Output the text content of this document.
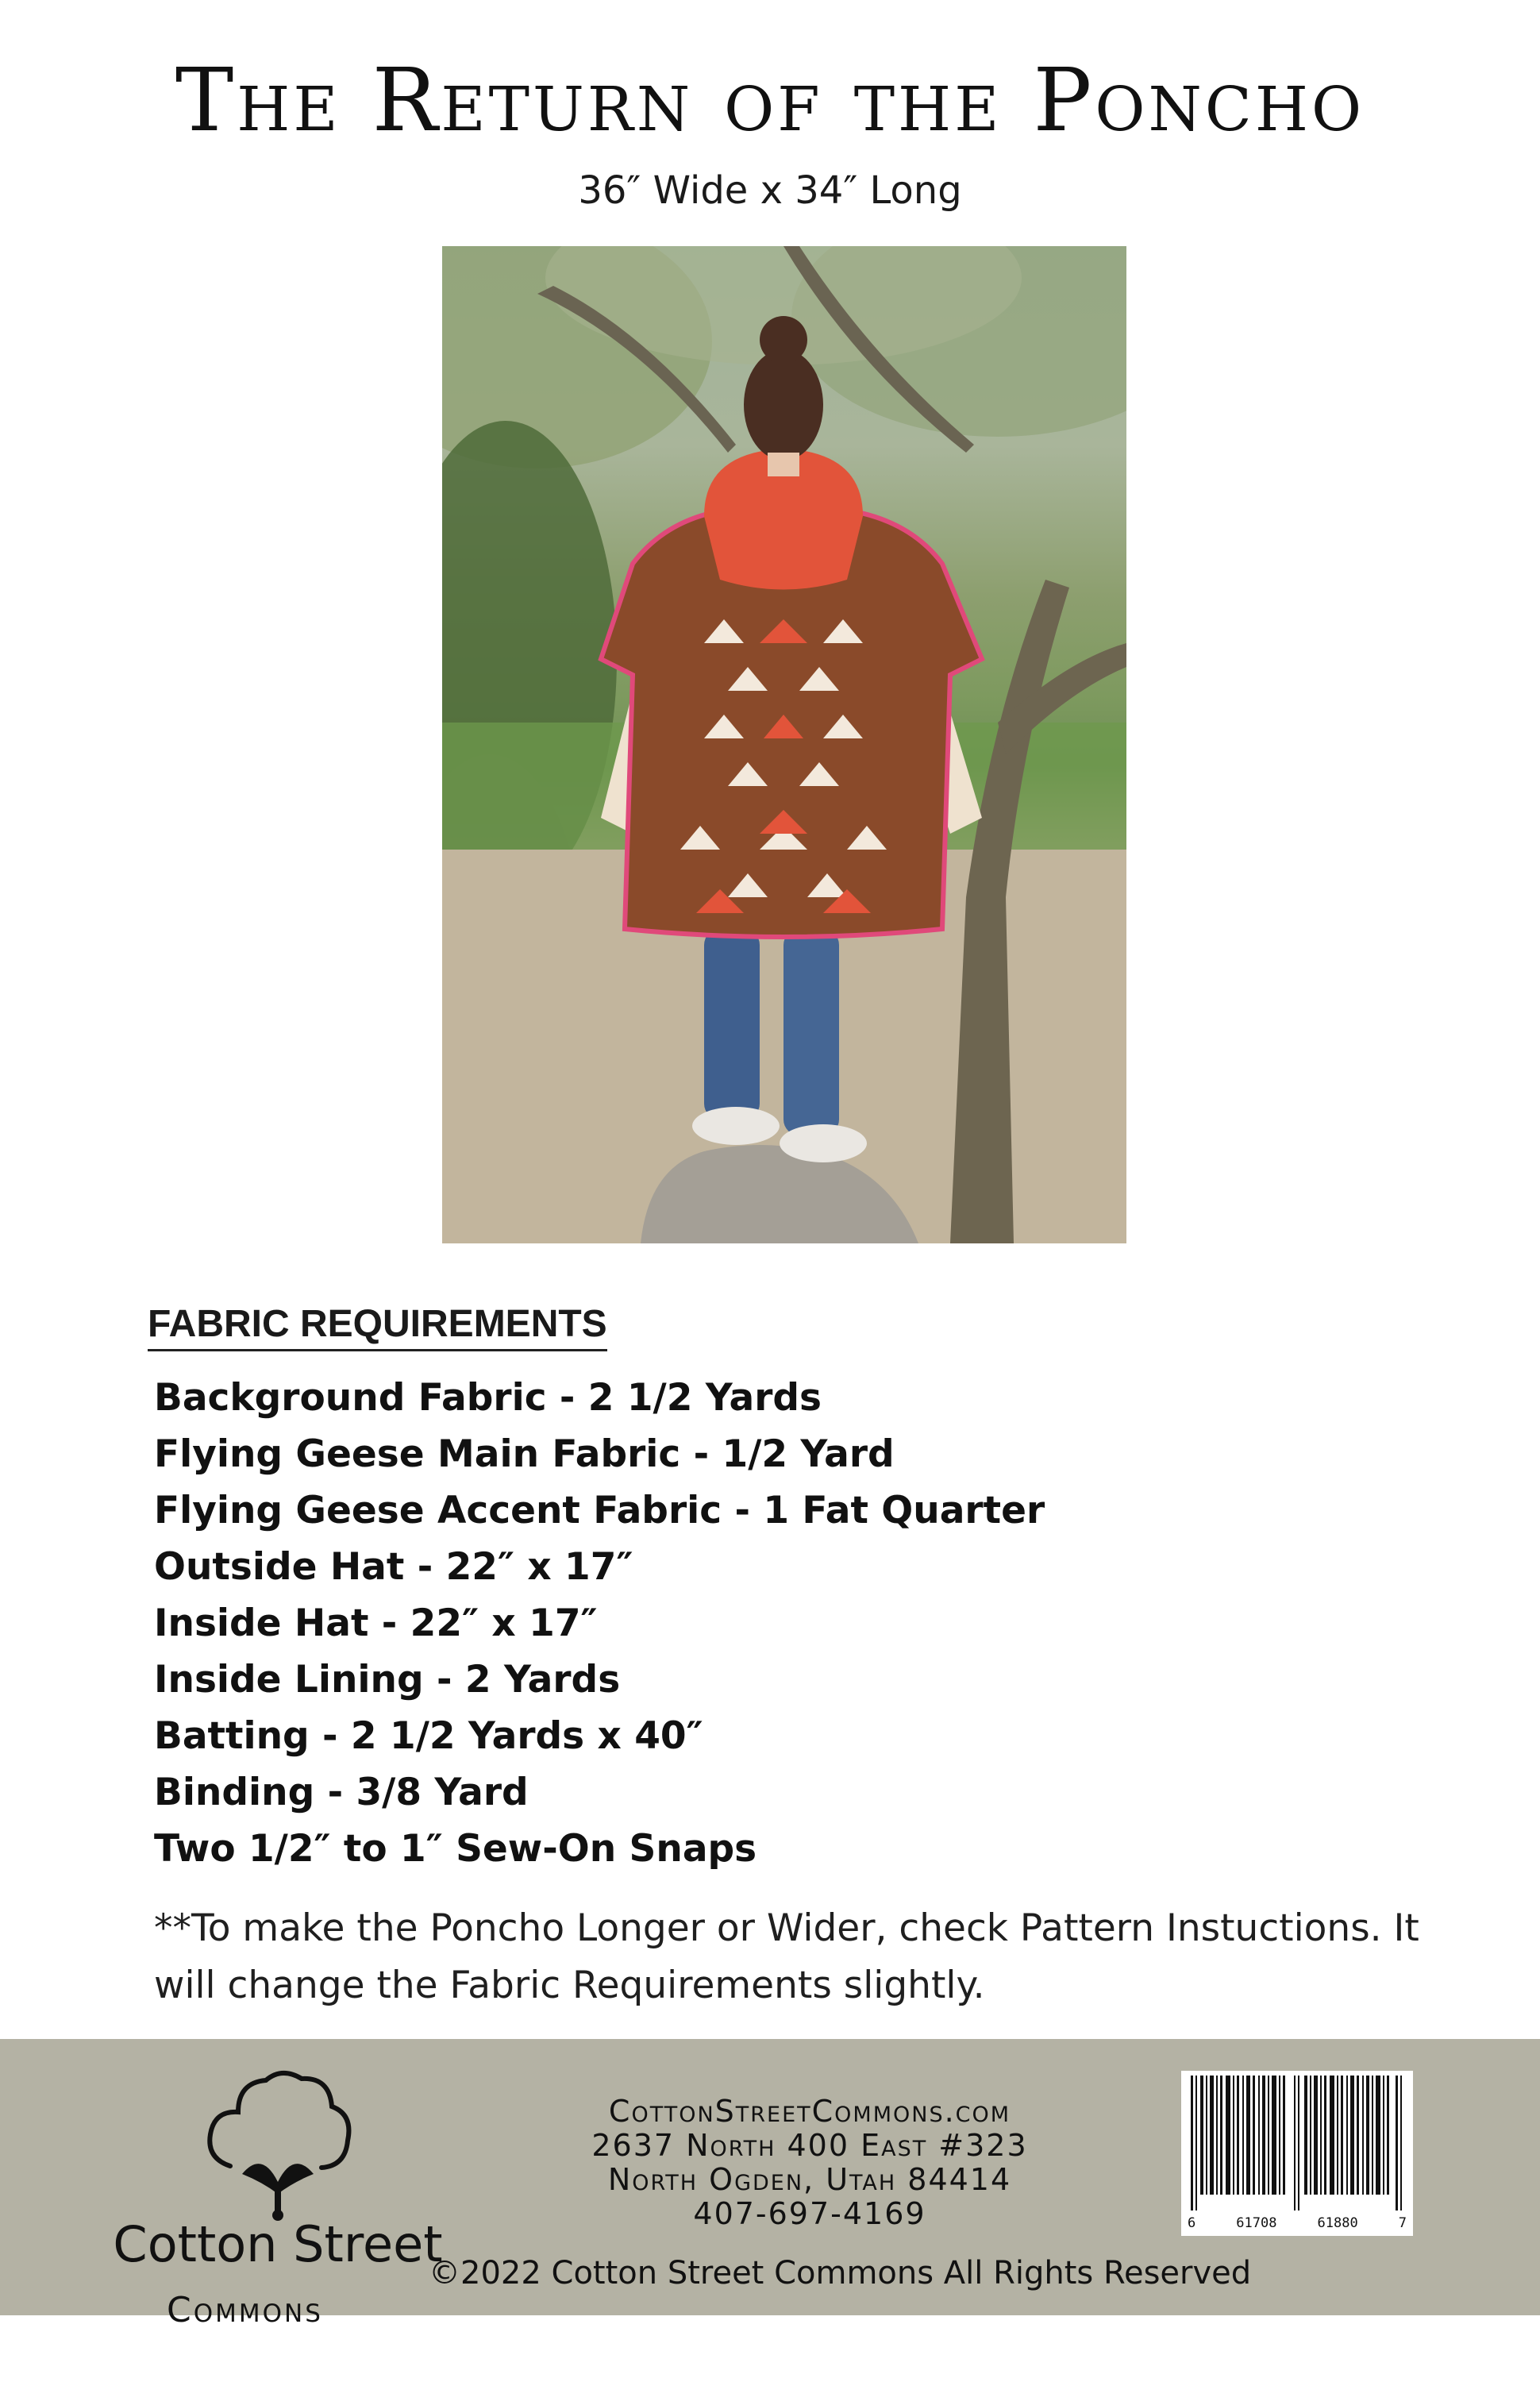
The Return of the Poncho
36″ Wide x 34″ Long
FABRIC REQUIREMENTS
Background Fabric - 2 1/2 Yards
Flying Geese Main Fabric - 1/2 Yard
Flying Geese Accent Fabric - 1 Fat Quarter
Outside Hat - 22″ x 17″
Inside Hat - 22″ x 17″
Inside Lining - 2 Yards
Batting - 2 1/2 Yards x 40″
Binding - 3/8 Yard
Two 1/2″ to 1″ Sew-On Snaps

**To make the Poncho Longer or Wider, check Pattern Instuctions. It will change the Fabric Requirements slightly.

Cotton Street
Commons
CottonStreetCommons.com
2637 North 400 East #323
North Ogden, Utah 84414
407-697-4169
©2022 Cotton Street Commons All Rights Reserved
6	61708	61880	7
